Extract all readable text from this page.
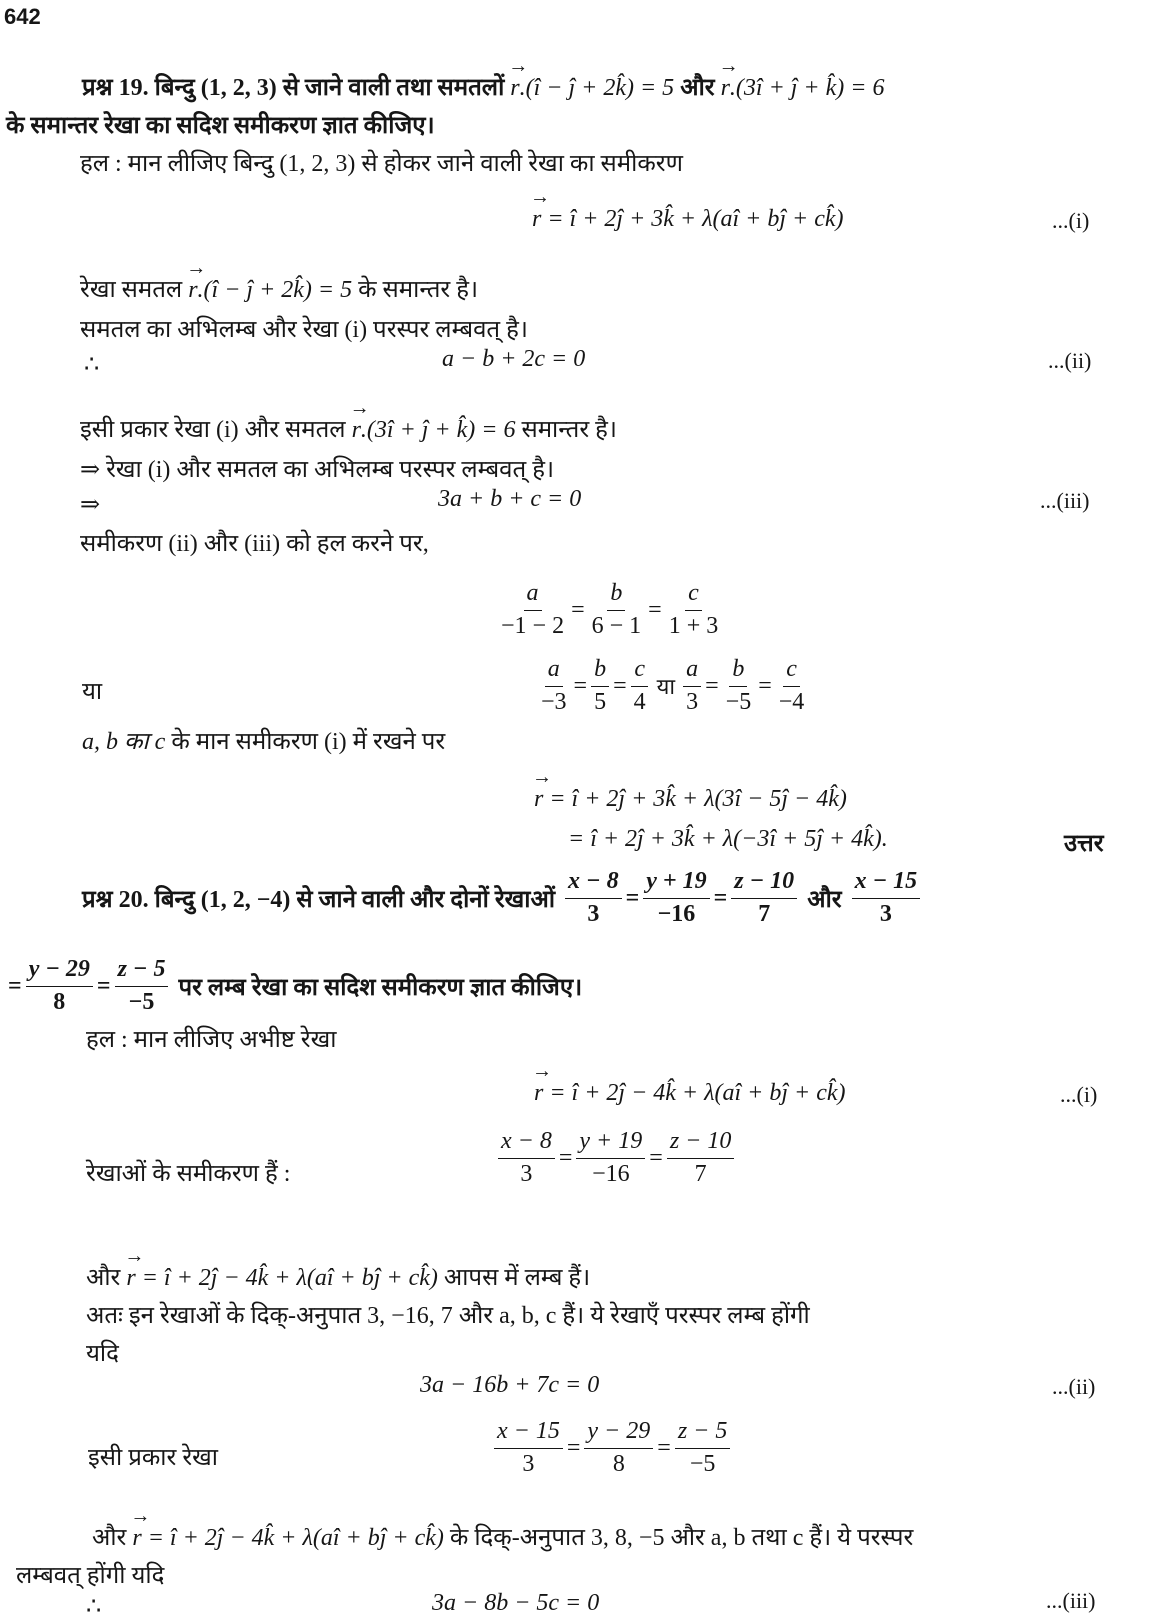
642
प्रश्न 19. बिन्दु (1, 2, 3) से जाने वाली तथा समतलों → r.(î − ĵ + 2k̂) = 5 और → r.(3î + ĵ + k̂) = 6
के समान्तर रेखा का सदिश समीकरण ज्ञात कीजिए।
हल : मान लीजिए बिन्दु (1, 2, 3) से होकर जाने वाली रेखा का समीकरण
→ r = î + 2ĵ + 3k̂ + λ(aî + bĵ + ck̂)	...(i)
रेखा समतल → r.(î − ĵ + 2k̂) = 5 के समान्तर है।
समतल का अभिलम्ब और रेखा (i) परस्पर लम्बवत् है।
∴	a − b + 2c = 0	...(ii)
इसी प्रकार रेखा (i) और समतल → r.(3î + ĵ + k̂) = 6 समान्तर है।
⇒ रेखा (i) और समतल का अभिलम्ब परस्पर लम्बवत् है।
⇒	3a + b + c = 0	...(iii)
समीकरण (ii) और (iii) को हल करने पर,
$\frac{a}{-1 - 2} = \frac{b}{6 - 1} = \frac{c}{1 + 3}$
या	$\frac{a}{-3} = \frac{b}{5} = \frac{c}{4}$ या $\frac{a}{3} = \frac{b}{-5} = \frac{c}{-4}$
a, b का c के मान समीकरण (i) में रखने पर
→ r = î + 2ĵ + 3k̂ + λ(3î − 5ĵ − 4k̂)
= î + 2ĵ + 3k̂ + λ(−3î + 5ĵ + 4k̂).	उत्तर
प्रश्न 20.
बिन्दु (1, 2, −4) से जाने वाली और दोनों रेखाओं $\frac{x - 8}{3} = \frac{y + 19}{-16} = \frac{z - 10}{7}$
और
$\frac{x - 15}{3}$
= $\frac{y - 29}{8} = \frac{z - 5}{-5}$
पर लम्ब रेखा का सदिश समीकरण ज्ञात कीजिए।
हल : मान लीजिए अभीष्ट रेखा
→ r = î + 2ĵ − 4k̂ + λ(aî + bĵ + ck̂)	...(i)
रेखाओं के समीकरण हैं :	$\frac{x - 8}{3} = \frac{y + 19}{-16} = \frac{z - 10}{7}$
और → r = î + 2ĵ − 4k̂ + λ(aî + bĵ + ck̂) आपस में लम्ब हैं।
अतः इन रेखाओं के दिक्-अनुपात 3, −16, 7 और a, b, c हैं। ये रेखाएँ परस्पर लम्ब होंगी
यदि
3a − 16b + 7c = 0	...(ii)
इसी प्रकार रेखा	$\frac{x - 15}{3} = \frac{y - 29}{8} = \frac{z - 5}{-5}$
और → r = î + 2ĵ − 4k̂ + λ(aî + bĵ + ck̂) के दिक्-अनुपात 3, 8, −5 और a, b तथा c हैं। ये परस्पर
लम्बवत् होंगी यदि
∴	3a − 8b − 5c = 0	...(iii)
